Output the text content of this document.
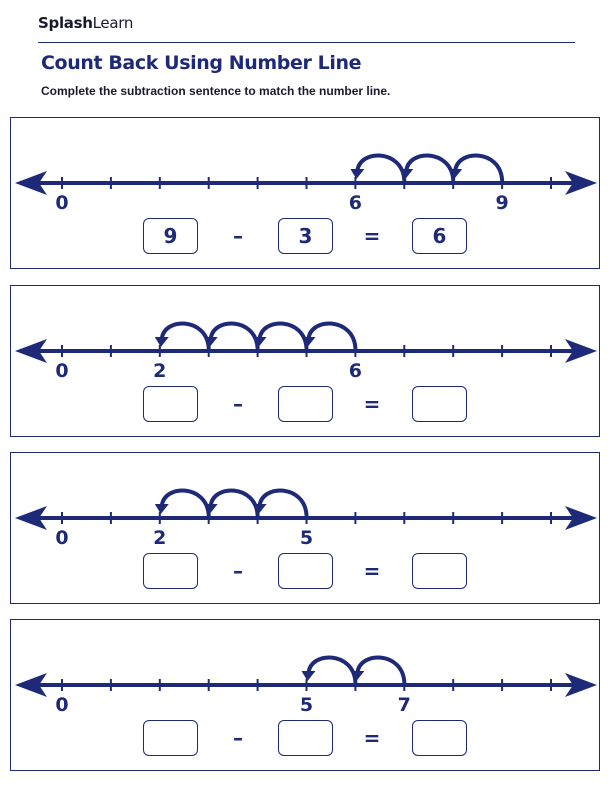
SplashLearn
Count Back Using Number Line
Complete the subtraction sentence to match the number line.
0	6	9
9	3	6
–	=
0	2	6
–	=
0	2	5
–	=
0	5	7
–	=
